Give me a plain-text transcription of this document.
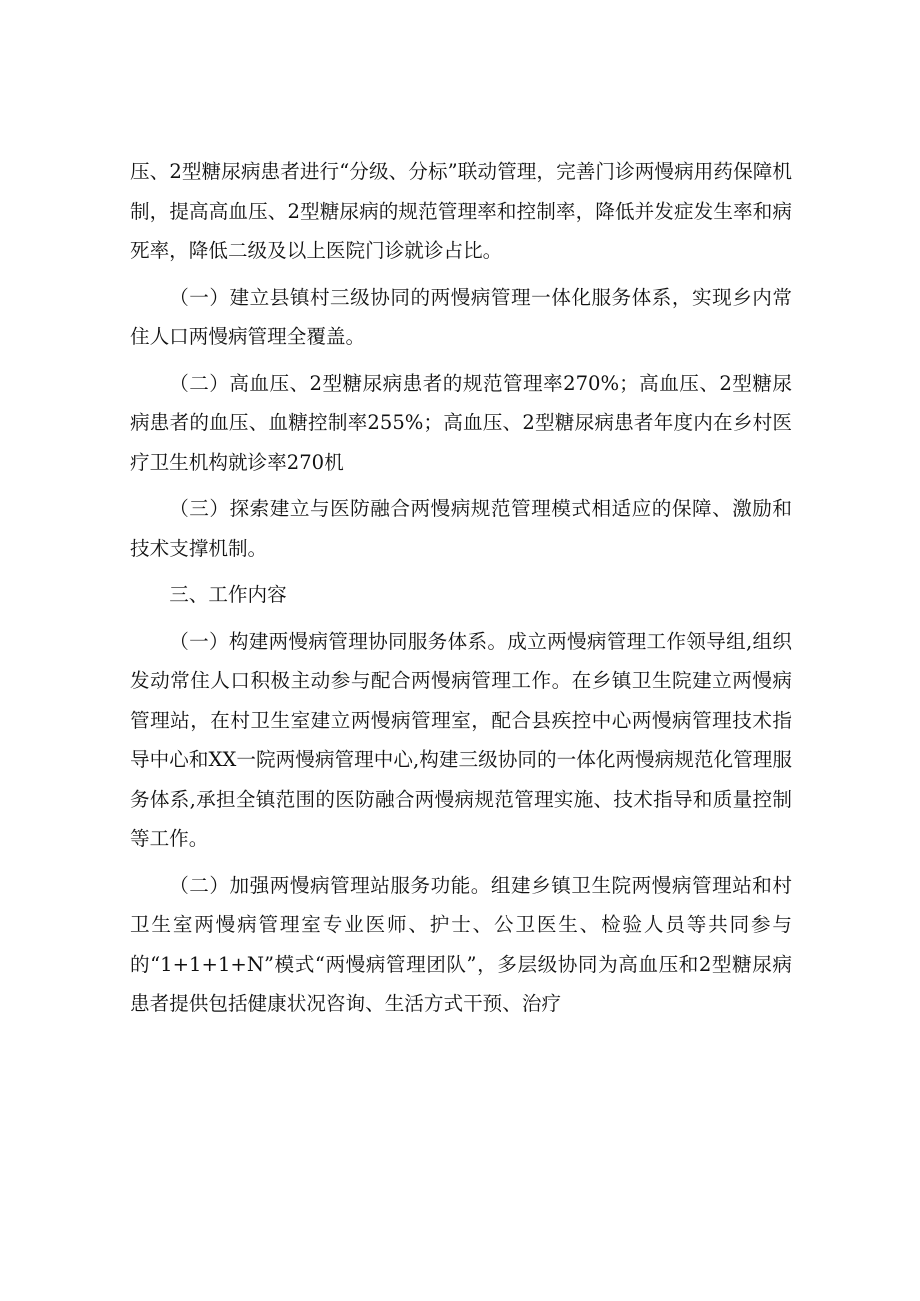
压、2型糖尿病患者进行“分级、分标”联动管理，完善门诊两慢病用药保障机制，提高高血压、2型糖尿病的规范管理率和控制率，降低并发症发生率和病死率，降低二级及以上医院门诊就诊占比。

（一）建立县镇村三级协同的两慢病管理一体化服务体系，实现乡内常住人口两慢病管理全覆盖。

（二）高血压、2型糖尿病患者的规范管理率270%；高血压、2型糖尿病患者的血压、血糖控制率255%；高血压、2型糖尿病患者年度内在乡村医疗卫生机构就诊率270机

（三）探索建立与医防融合两慢病规范管理模式相适应的保障、激励和技术支撑机制。

三、工作内容

（一）构建两慢病管理协同服务体系。成立两慢病管理工作领导组,组织发动常住人口积极主动参与配合两慢病管理工作。在乡镇卫生院建立两慢病管理站，在村卫生室建立两慢病管理室，配合县疾控中心两慢病管理技术指导中心和XX一院两慢病管理中心,构建三级协同的一体化两慢病规范化管理服务体系,承担全镇范围的医防融合两慢病规范管理实施、技术指导和质量控制等工作。

（二）加强两慢病管理站服务功能。组建乡镇卫生院两慢病管理站和村卫生室两慢病管理室专业医师、护士、公卫医生、检验人员等共同参与的“1+1+1+N”模式“两慢病管理团队”，多层级协同为高血压和2型糖尿病患者提供包括健康状况咨询、生活方式干预、治疗
